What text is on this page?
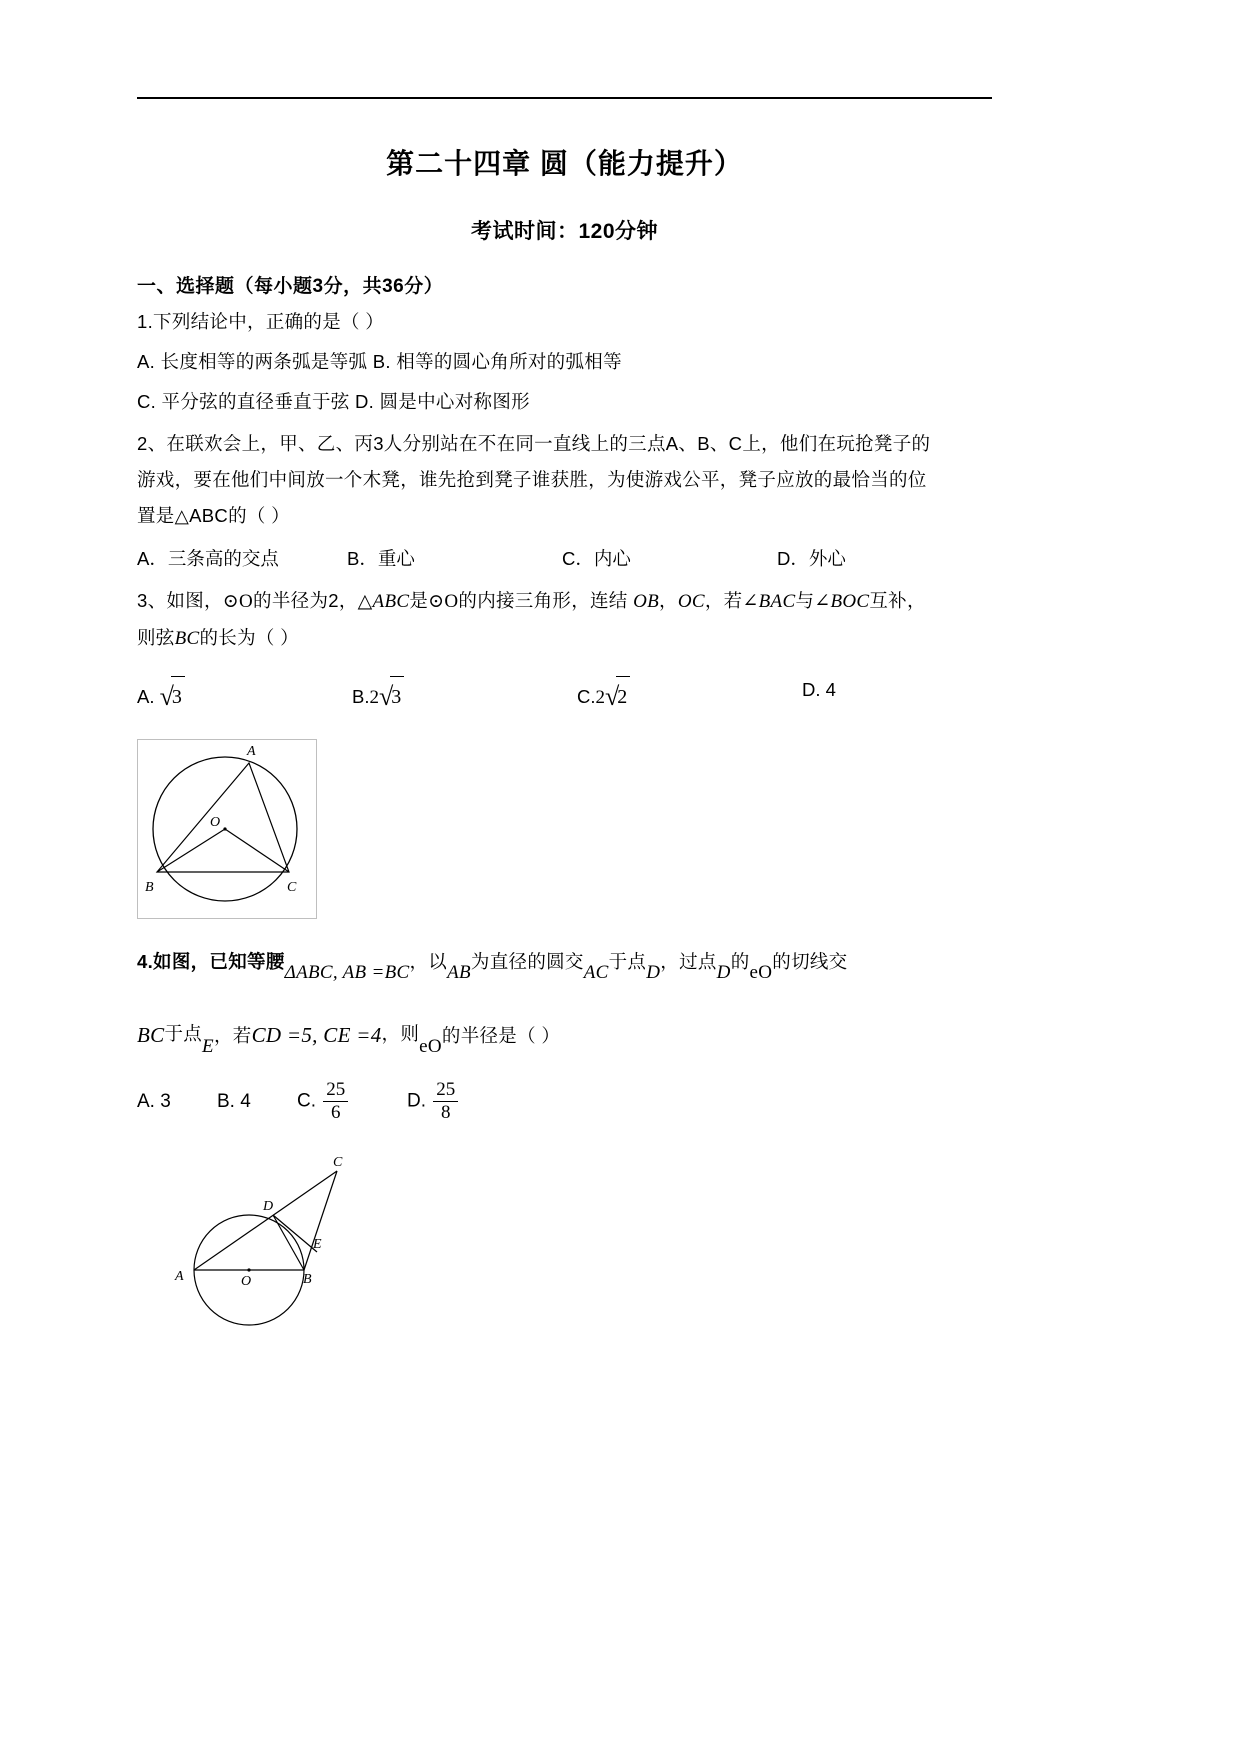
第二十四章 圆（能力提升）
考试时间：120分钟
一、选择题（每小题3分，共36分）
1.下列结论中，正确的是（ ）
A. 长度相等的两条弧是等弧 B. 相等的圆心角所对的弧相等
C. 平分弦的直径垂直于弦 D. 圆是中心对称图形
2、在联欢会上，甲、乙、丙3人分别站在不在同一直线上的三点A、B、C上，他们在玩抢凳子的
游戏，要在他们中间放一个木凳，谁先抢到凳子谁获胜，为使游戏公平，凳子应放的最恰当的位
置是△ABC的（ ）
A．三条高的交点	B．重心	C．内心	D．外心
3、如图，⊙O的半径为2，△ABC是⊙O的内接三角形，连结 OB，OC，若∠BAC与∠BOC互补，
则弦BC的长为（ ）
A. √3	B.2√3	C.2√2	D. 4
A
B	C
O
4.如图，已知等腰ΔABC, AB =BC，以AB为直径的圆交AC于点D，过点D的eO的切线交
BC于点E，若CD =5, CE =4，则eO的半径是（ ）
A. 3	B. 4	C. $\frac{25}{6}$	D. $\frac{25}{8}$
C
D
E
A	O	B
